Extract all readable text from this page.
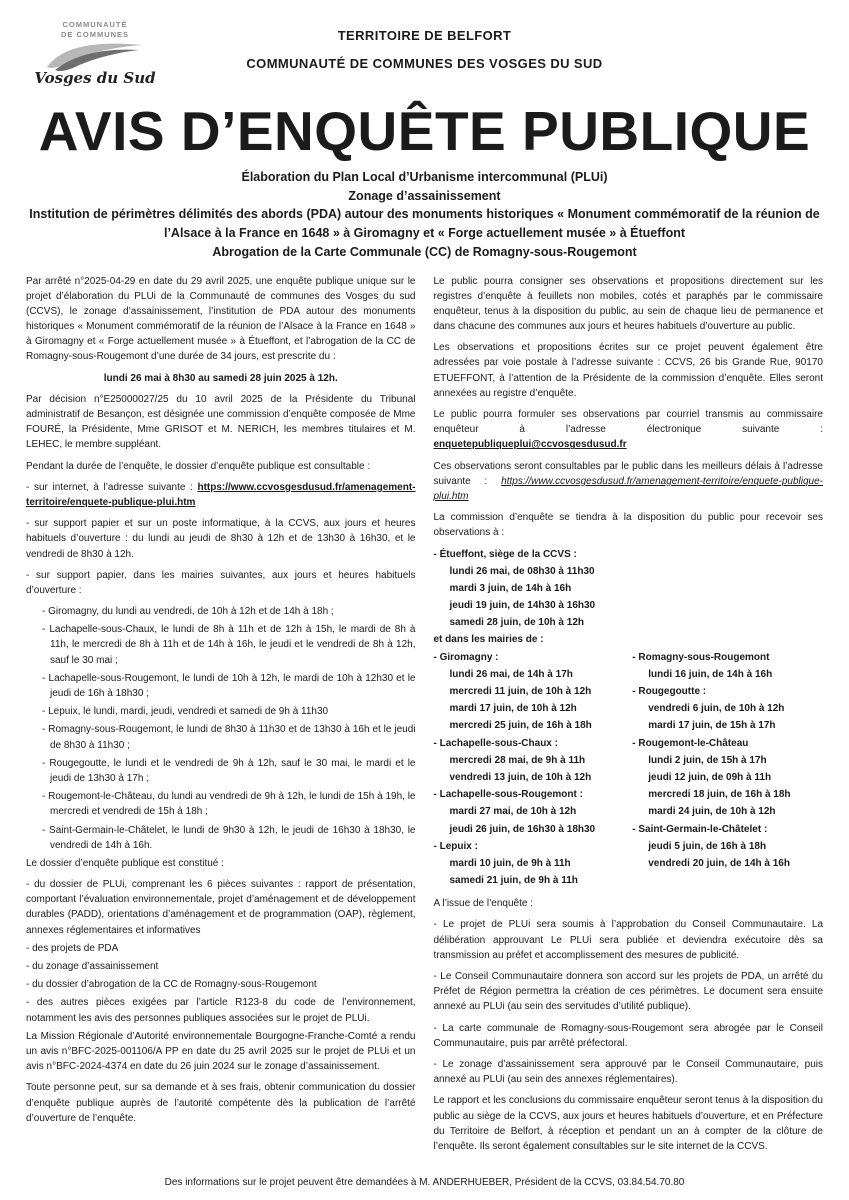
COMMUNAUTÉ
DE COMMUNES
Vosges du Sud
TERRITOIRE DE BELFORT
COMMUNAUTÉ DE COMMUNES DES VOSGES DU SUD
AVIS D’ENQUÊTE PUBLIQUE
Élaboration du Plan Local d’Urbanisme intercommunal (PLUi)
Zonage d’assainissement
Institution de périmètres délimités des abords (PDA) autour des monuments historiques « Monument commémoratif de la réunion de l’Alsace à la France en 1648 » à Giromagny et « Forge actuellement musée » à Étueffont
Abrogation de la Carte Communale (CC) de Romagny-sous-Rougemont

Par arrêté n°2025-04-29 en date du 29 avril 2025, une enquête publique unique sur le projet d’élaboration du PLUi de la Communauté de communes des Vosges du sud (CCVS), le zonage d’assainissement, l’institution de PDA autour des monuments historiques « Monument commémoratif de la réunion de l’Alsace à la France en 1648 » à Giromagny et « Forge actuellement musée » à Étueffont, et l’abrogation de la CC de Romagny-sous-Rougemont d’une durée de 34 jours, est prescrite du :

lundi 26 mai à 8h30 au samedi 28 juin 2025 à 12h.

Par décision n°E25000027/25 du 10 avril 2025 de la Présidente du Tribunal administratif de Besançon, est désignée une commission d’enquête composée de Mme FOURÉ, la Présidente, Mme GRISOT et M. NERICH, les membres titulaires et M. LEHEC, le membre suppléant.

Pendant la durée de l’enquête, le dossier d’enquête publique est consultable :

- sur internet, à l’adresse suivante : https://www.ccvosgesdusud.fr/amenagement-territoire/enquete-publique-plui.htm

- sur support papier et sur un poste informatique, à la CCVS, aux jours et heures habituels d’ouverture : du lundi au jeudi de 8h30 à 12h et de 13h30 à 16h30, et le vendredi de 8h30 à 12h.

- sur support papier, dans les mairies suivantes, aux jours et heures habituels d’ouverture :

- Giromagny, du lundi au vendredi, de 10h à 12h et de 14h à 18h ;

- Lachapelle-sous-Chaux, le lundi de 8h à 11h et de 12h à 15h, le mardi de 8h à 11h, le mercredi de 8h à 11h et de 14h à 16h, le jeudi et le vendredi de 8h à 12h, sauf le 30 mai ;

- Lachapelle-sous-Rougemont, le lundi de 10h à 12h, le mardi de 10h à 12h30 et le jeudi de 16h à 18h30 ;

- Lepuix, le lundi, mardi, jeudi, vendredi et samedi de 9h à 11h30

- Romagny-sous-Rougemont, le lundi de 8h30 à 11h30 et de 13h30 à 16h et le jeudi de 8h30 à 11h30 ;

- Rougegoutte, le lundi et le vendredi de 9h à 12h, sauf le 30 mai, le mardi et le jeudi de 13h30 à 17h ;

- Rougemont-le-Château, du lundi au vendredi de 9h à 12h, le lundi de 15h à 19h, le mercredi et vendredi de 15h à 18h ;

- Saint-Germain-le-Châtelet, le lundi de 9h30 à 12h, le jeudi de 16h30 à 18h30, le vendredi de 14h à 16h.

Le dossier d’enquête publique est constitué :

- du dossier de PLUi, comprenant les 6 pièces suivantes : rapport de présentation, comportant l’évaluation environnementale, projet d’aménagement et de développement durables (PADD), orientations d’aménagement et de programmation (OAP), règlement, annexes réglementaires et informatives

- des projets de PDA

- du zonage d’assainissement

- du dossier d’abrogation de la CC de Romagny-sous-Rougemont

- des autres pièces exigées par l’article R123-8 du code de l’environnement, notamment les avis des personnes publiques associées sur le projet de PLUi.

La Mission Régionale d’Autorité environnementale Bourgogne-Franche-Comté a rendu un avis n°BFC-2025-001106/A PP en date du 25 avril 2025 sur le projet de PLUi et un avis n°BFC-2024-4374 en date du 26 juin 2024 sur le zonage d’assainissement.

Toute personne peut, sur sa demande et à ses frais, obtenir communication du dossier d’enquête publique auprès de l’autorité compétente dès la publication de l’arrêté d’ouverture de l’enquête.

Le public pourra consigner ses observations et propositions directement sur les registres d’enquête à feuillets non mobiles, cotés et paraphés par le commissaire enquêteur, tenus à la disposition du public, au sein de chaque lieu de permanence et dans chacune des communes aux jours et heures habituels d’ouverture au public.

Les observations et propositions écrites sur ce projet peuvent également être adressées par voie postale à l’adresse suivante : CCVS, 26 bis Grande Rue, 90170 ETUEFFONT, à l’attention de la Présidente de la commission d’enquête. Elles seront annexées au registre d’enquête.

Le public pourra formuler ses observations par courriel transmis au commissaire enquêteur à l’adresse électronique suivante : enquetepubliqueplui@ccvosgesdusud.fr

Ces observations seront consultables par le public dans les meilleurs délais à l’adresse suivante : https://www.ccvosgesdusud.fr/amenagement-territoire/enquete-publique-plui.htm

La commission d’enquête se tiendra à la disposition du public pour recevoir ses observations à :

- Étueffont, siège de la CCVS :

lundi 26 mai, de 08h30 à 11h30

mardi 3 juin, de 14h à 16h

jeudi 19 juin, de 14h30 à 16h30

samedi 28 juin, de 10h à 12h

et dans les mairies de :

- Giromagny :

lundi 26 mai, de 14h à 17h

mercredi 11 juin, de 10h à 12h

mardi 17 juin, de 10h à 12h

mercredi 25 juin, de 16h à 18h

- Lachapelle-sous-Chaux :

mercredi 28 mai, de 9h à 11h

vendredi 13 juin, de 10h à 12h

- Lachapelle-sous-Rougemont :

mardi 27 mai, de 10h à 12h

jeudi 26 juin, de 16h30 à 18h30

- Lepuix :

mardi 10 juin, de 9h à 11h

samedi 21 juin, de 9h à 11h

- Romagny-sous-Rougemont

lundi 16 juin, de 14h à 16h

- Rougegoutte :

vendredi 6 juin, de 10h à 12h

mardi 17 juin, de 15h à 17h

- Rougemont-le-Château

lundi 2 juin, de 15h à 17h

jeudi 12 juin, de 09h à 11h

mercredi 18 juin, de 16h à 18h

mardi 24 juin, de 10h à 12h

- Saint-Germain-le-Châtelet :

jeudi 5 juin, de 16h à 18h

vendredi 20 juin, de 14h à 16h

A l’issue de l’enquête :

- Le projet de PLUi sera soumis à l’approbation du Conseil Communautaire. La délibération approuvant Le PLUi sera publiée et deviendra exécutoire dès sa transmission au préfet et accomplissement des mesures de publicité.

- Le Conseil Communautaire donnera son accord sur les projets de PDA, un arrêté du Préfet de Région permettra la création de ces périmètres. Le document sera ensuite annexé au PLUi (au sein des servitudes d’utilité publique).

- La carte communale de Romagny-sous-Rougemont sera abrogée par le Conseil Communautaire, puis par arrêté préfectoral.

- Le zonage d’assainissement sera approuvé par le Conseil Communautaire, puis annexé au PLUi (au sein des annexes réglementaires).

Le rapport et les conclusions du commissaire enquêteur seront tenus à la disposition du public au siège de la CCVS, aux jours et heures habituels d’ouverture, et en Préfecture du Territoire de Belfort, à réception et pendant un an à compter de la clôture de l’enquête. Ils seront également consultables sur le site internet de la CCVS.

Des informations sur le projet peuvent être demandées à M. ANDERHUEBER, Président de la CCVS, 03.84.54.70.80
